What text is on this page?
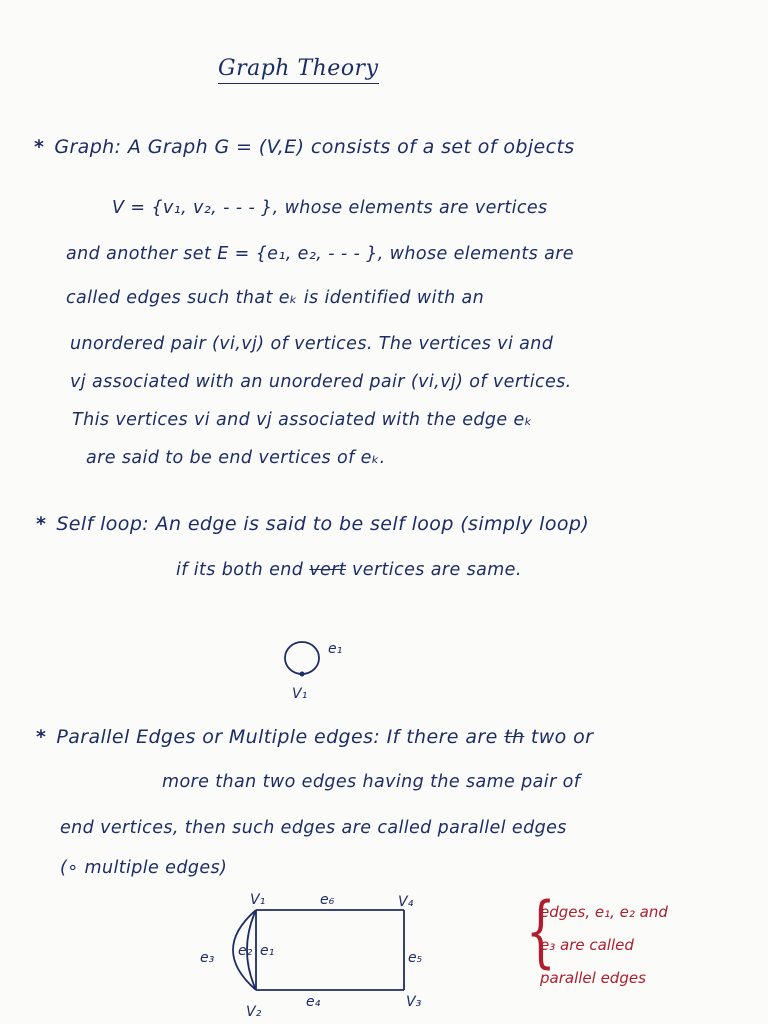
Graph Theory
* Graph: A Graph G = (V,E) consists of a set of objects
V = {v₁, v₂, - - - }, whose elements are vertices
and another set E = {e₁, e₂, - - - }, whose elements are
called edges such that eₖ is identified with an
unordered pair (vi,vj) of vertices. The vertices vi and
vj associated with an unordered pair (vi,vj) of vertices.
This vertices vi and vj associated with the edge eₖ
are said to be end vertices of eₖ.
* Self loop: An edge is said to be self loop (simply loop)
if its both end vert vertices are same.
* Parallel Edges or Multiple edges: If there are th two or
more than two edges having the same pair of
end vertices, then such edges are called parallel edges
(∘ multiple edges)
e₁
V₁
V₁
V₂
V₃
V₄
e₁
e₂
e₃
e₄
e₅
e₆ {
edges, e₁, e₂ and
e₃ are called
parallel edges
